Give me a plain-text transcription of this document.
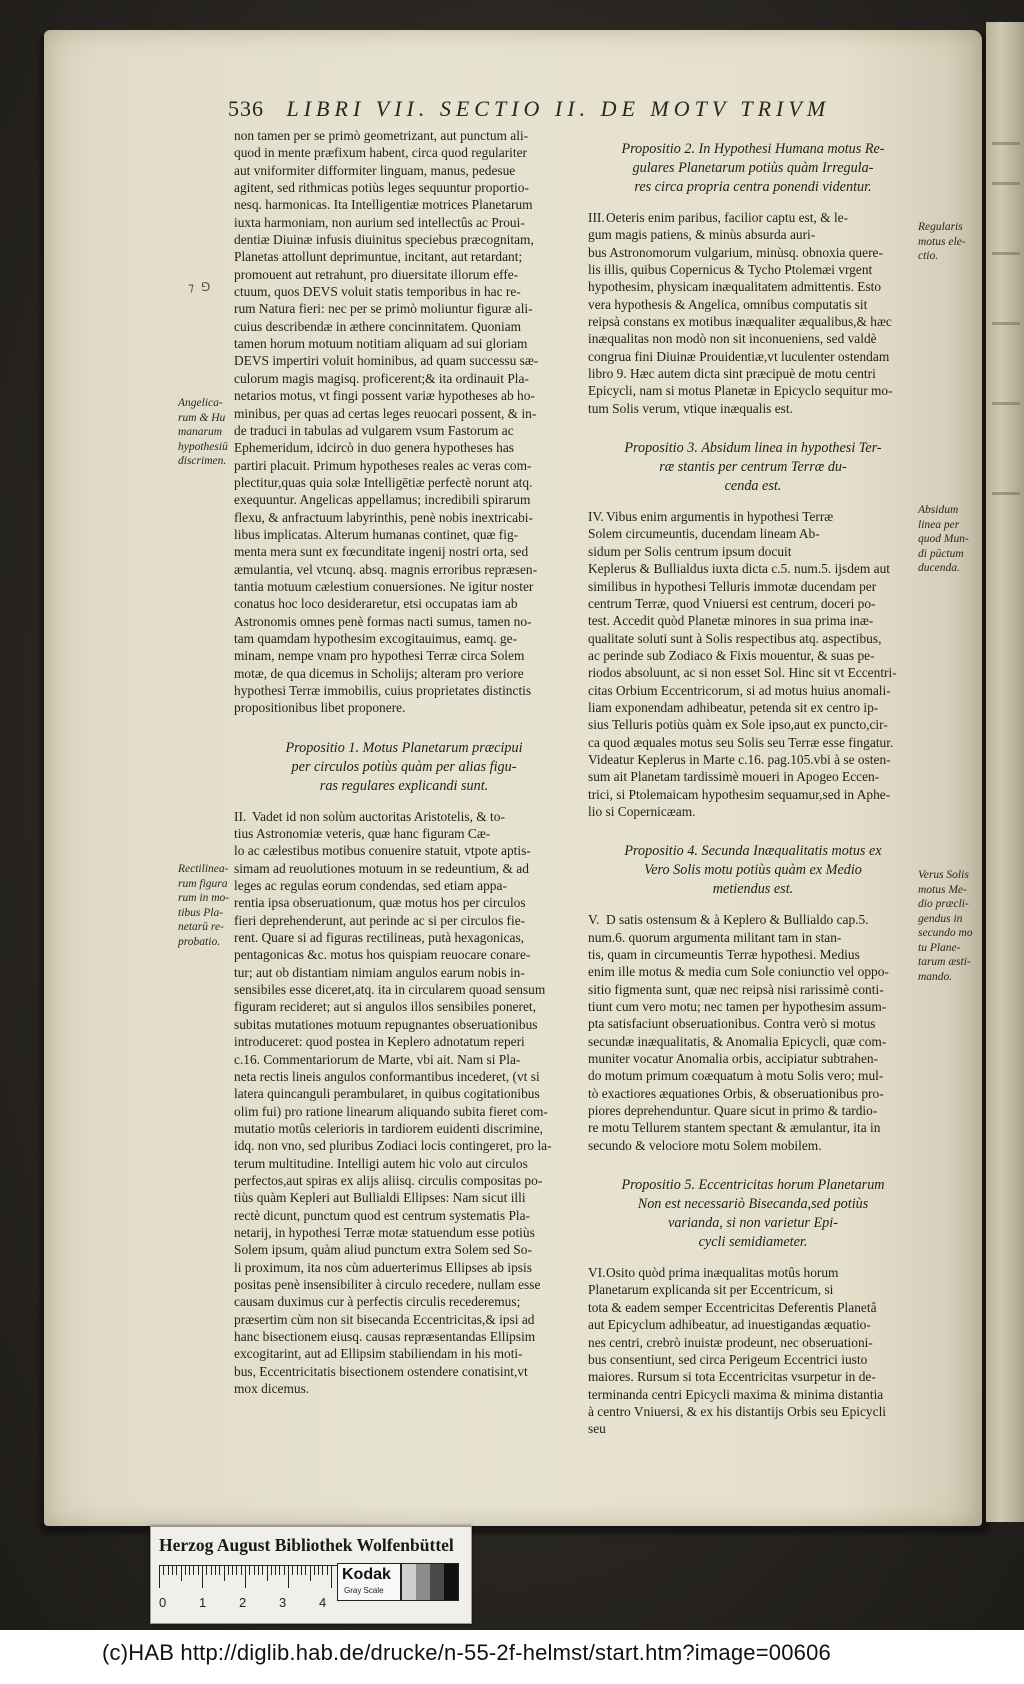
536 LIBRI VII. SECTIO II. DE MOTV TRIVM
⁊ ⅁
non tamen per se primò geometrizant, aut punctum ali-
quod in mente præfixum habent, circa quod regulariter
aut vniformiter difformiter linguam, manus, pedesue
agitent, sed rithmicas potiùs leges sequuntur proportio-
nesq. harmonicas. Ita Intelligentiæ motrices Planetarum
iuxta harmoniam, non aurium sed intellectûs ac Proui-
dentiæ Diuinæ infusis diuinitus speciebus præcognitam,
Planetas attollunt deprimuntue, incitant, aut retardant;
promouent aut retrahunt, pro diuersitate illorum effe-
ctuum, quos DEVS voluit statis temporibus in hac re-
rum Natura fieri: nec per se primò moliuntur figuræ ali-
cuius describendæ in æthere concinnitatem. Quoniam
tamen horum motuum notitiam aliquam ad sui gloriam
DEVS impertiri voluit hominibus, ad quam successu sæ-
culorum magis magisq. proficerent;& ita ordinauit Pla-
netarios motus, vt fingi possent variæ hypotheses ab ho-
minibus, per quas ad certas leges reuocari possent, & in-
de traduci in tabulas ad vulgarem vsum Fastorum ac
Ephemeridum, idcircò in duo genera hypotheses has
partiri placuit. Primum hypotheses reales ac veras com-
plectitur,quas quia solæ Intelligētiæ perfectè norunt atq.
exequuntur. Angelicas appellamus; incredibili spirarum
flexu, & anfractuum labyrinthis, penè nobis inextricabi-
libus implicatas. Alterum humanas continet, quæ fig-
menta mera sunt ex fœcunditate ingenij nostri orta, sed
æmulantia, vel vtcunq. absq. magnis erroribus repræsen-
tantia motuum cælestium conuersiones. Ne igitur noster
conatus hoc loco desideraretur, etsi occupatas iam ab
Astronomis omnes penè formas nacti sumus, tamen no-
tam quamdam hypothesim excogitauimus, eamq. ge-
minam, nempe vnam pro hypothesi Terræ circa Solem
motæ, de qua dicemus in Scholijs; alteram pro veriore
hypothesi Terræ immobilis, cuius proprietates distinctis
propositionibus libet proponere.
Propositio 1. Motus Planetarum præcipui
per circulos potiùs quàm per alias figu-
ras regulares explicandi sunt.
II. Vadet id non solùm auctoritas Aristotelis, & to-
tius Astronomiæ veteris, quæ hanc figuram Cæ-
lo ac cælestibus motibus conuenire statuit, vtpote aptis-
simam ad reuolutiones motuum in se redeuntium, & ad
leges ac regulas eorum condendas, sed etiam appa-
rentia ipsa obseruationum, quæ motus hos per circulos
fieri deprehenderunt, aut perinde ac si per circulos fie-
rent. Quare si ad figuras rectilineas, putà hexagonicas,
pentagonicas &c. motus hos quispiam reuocare conare-
tur; aut ob distantiam nimiam angulos earum nobis in-
sensibiles esse diceret,atq. ita in circularem quoad sensum
figuram recideret; aut si angulos illos sensibiles poneret,
subitas mutationes motuum repugnantes obseruationibus
introduceret: quod postea in Keplero adnotatum reperi
c.16. Commentariorum de Marte, vbi ait. Nam si Pla-
neta rectis lineis angulos conformantibus incederet, (vt si
latera quincanguli perambularet, in quibus cogitationibus
olim fui) pro ratione linearum aliquando subita fieret com-
mutatio motûs celerioris in tardiorem euidenti discrimine,
idq. non vno, sed pluribus Zodiaci locis contingeret, pro la-
terum multitudine. Intelligi autem hic volo aut circulos
perfectos,aut spiras ex alijs aliisq. circulis compositas po-
tiùs quàm Kepleri aut Bullialdi Ellipses: Nam sicut illi
rectè dicunt, punctum quod est centrum systematis Pla-
netarij, in hypothesi Terræ motæ statuendum esse potiùs
Solem ipsum, quàm aliud punctum extra Solem sed So-
li proximum, ita nos cùm aduerterimus Ellipses ab ipsis
positas penè insensibiliter à circulo recedere, nullam esse
causam duximus cur à perfectis circulis recederemus;
præsertim cùm non sit bisecanda Eccentricitas,& ipsi ad
hanc bisectionem eiusq. causas repræsentandas Ellipsim
excogitarint, aut ad Ellipsim stabiliendam in his moti-
bus, Eccentricitatis bisectionem ostendere conatisint,vt
mox dicemus.
Propositio 2. In Hypothesi Humana motus Re-
gulares Planetarum potiùs quàm Irregula-
res circa propria centra ponendi videntur.
III.Oeteris enim paribus, facilior captu est, & le-
gum magis patiens, & minùs absurda auri-
bus Astronomorum vulgarium, minùsq. obnoxia quere-
lis illis, quibus Copernicus & Tycho Ptolemæi vrgent
hypothesim, physicam inæqualitatem admittentis. Esto
vera hypothesis & Angelica, omnibus computatis sit
reipsà constans ex motibus inæqualiter æqualibus,& hæc
inæqualitas non modò non sit inconueniens, sed valdè
congrua fini Diuinæ Prouidentiæ,vt luculenter ostendam
libro 9. Hæc autem dicta sint præcipuè de motu centri
Epicycli, nam si motus Planetæ in Epicyclo sequitur mo-
tum Solis verum, vtique inæqualis est.
Propositio 3. Absidum linea in hypothesi Ter-
ræ stantis per centrum Terræ du-
cenda est.
IV. Vibus enim argumentis in hypothesi Terræ
Solem circumeuntis, ducendam lineam Ab-
sidum per Solis centrum ipsum docuit
Keplerus & Bullialdus iuxta dicta c.5. num.5. ijsdem aut
similibus in hypothesi Telluris immotæ ducendam per
centrum Terræ, quod Vniuersi est centrum, doceri po-
test. Accedit quòd Planetæ minores in sua prima inæ-
qualitate soluti sunt à Solis respectibus atq. aspectibus,
ac perinde sub Zodiaco & Fixis mouentur, & suas pe-
riodos absoluunt, ac si non esset Sol. Hinc sit vt Eccentri-
citas Orbium Eccentricorum, si ad motus huius anomali-
liam exponendam adhibeatur, petenda sit ex centro ip-
sius Telluris potiùs quàm ex Sole ipso,aut ex puncto,cir-
ca quod æquales motus seu Solis seu Terræ esse fingatur.
Videatur Keplerus in Marte c.16. pag.105.vbi à se osten-
sum ait Planetam tardissimè moueri in Apogeo Eccen-
trici, si Ptolemaicam hypothesim sequamur,sed in Aphe-
lio si Copernicæam.
Propositio 4. Secunda Inæqualitatis motus ex
Vero Solis motu potiùs quàm ex Medio
metiendus est.
V. D satis ostensum & à Keplero & Bullialdo cap.5.
num.6. quorum argumenta militant tam in stan-
tis, quam in circumeuntis Terræ hypothesi. Medius
enim ille motus & media cum Sole coniunctio vel oppo-
sitio figmenta sunt, quæ nec reipsà nisi rarissimè conti-
tiunt cum vero motu; nec tamen per hypothesim assum-
pta satisfaciunt obseruationibus. Contra verò si motus
secundæ inæqualitatis, & Anomalia Epicycli, quæ com-
muniter vocatur Anomalia orbis, accipiatur subtrahen-
do motum primum coæquatum à motu Solis vero; mul-
tò exactiores æquationes Orbis, & obseruationibus pro-
piores deprehenduntur. Quare sicut in primo & tardio-
re motu Tellurem stantem spectant & æmulantur, ita in
secundo & velociore motu Solem mobilem.
Propositio 5. Eccentricitas horum Planetarum
Non est necessariò Bisecanda,sed potiùs
varianda, si non varietur Epi-
cycli semidiameter.
VI.Osito quòd prima inæqualitas motûs horum
Planetarum explicanda sit per Eccentricum, si
tota & eadem semper Eccentricitas Deferentis Planetâ
aut Epicyclum adhibeatur, ad inuestigandas æquatio-
nes centri, crebrò inuistæ prodeunt, nec obseruationi-
bus consentiunt, sed circa Perigeum Eccentrici iusto
maiores. Rursum si tota Eccentricitas vsurpetur in de-
terminanda centri Epicycli maxima & minima distantia
à centro Vniuersi, & ex his distantijs Orbis seu Epicycli
seu
Angelica-
rum & Hu
manarum
hypothesiū
discrimen.
Rectilinea-
rum figura
rum in mo-
tibus Pla-
netarū re-
probatio.
Regularis
motus ele-
ctio.
Absidum
linea per
quod Mun-
di pūctum
ducenda.
Verus Solis
motus Me-
dio præcli-
gendus in
secundo mo
tu Plane-
tarum æsti-
mando.
Herzog August Bibliothek Wolfenbüttel
0	1	2	3	4
Kodak
Gray Scale
(c)HAB http://diglib.hab.de/drucke/n-55-2f-helmst/start.htm?image=00606
